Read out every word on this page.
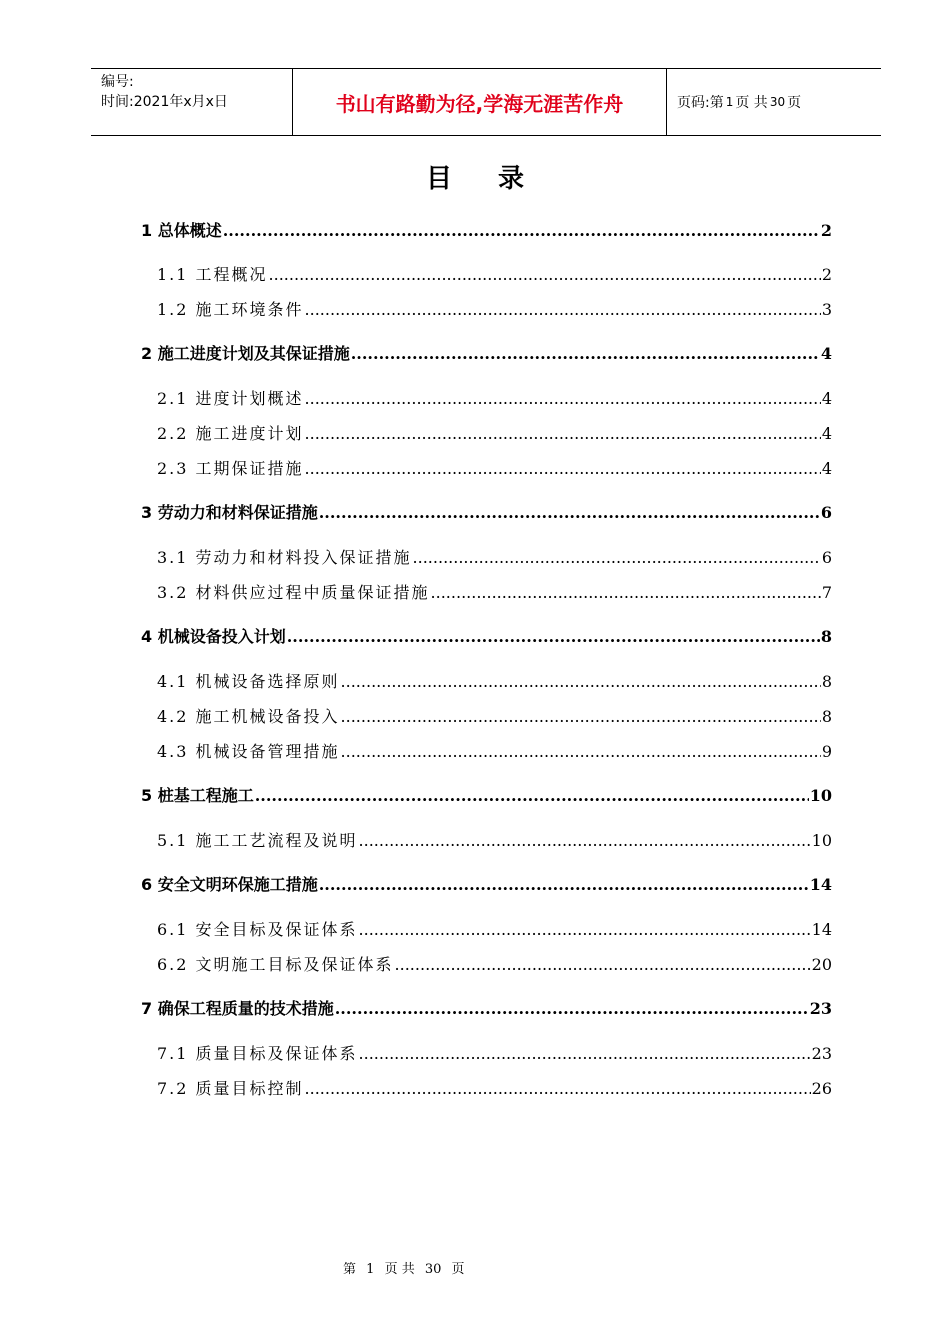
编号:
时间:2021年x月x日	书山有路勤为径,学海无涯苦作舟	页码:第 1 页 共 30 页
目录
1 总体概述 .....	2
1.1 工程概况 .....	2
1.2 施工环境条件 .....	3
2 施工进度计划及其保证措施 .....	4
2.1 进度计划概述 .....	4
2.2 施工进度计划 .....	4
2.3 工期保证措施 .....	4
3 劳动力和材料保证措施 .....	6
3.1 劳动力和材料投入保证措施 .....	6
3.2 材料供应过程中质量保证措施 .....	7
4 机械设备投入计划 .....	8
4.1 机械设备选择原则 .....	8
4.2 施工机械设备投入 .....	8
4.3 机械设备管理措施 .....	9
5 桩基工程施工 .....	10
5.1 施工工艺流程及说明 .....	10
6 安全文明环保施工措施 .....	14
6.1 安全目标及保证体系 .....	14
6.2 文明施工目标及保证体系 .....	20
7 确保工程质量的技术措施 .....	23
7.1 质量目标及保证体系 .....	23
7.2 质量目标控制 .....	26
第 1 页 共 30 页
